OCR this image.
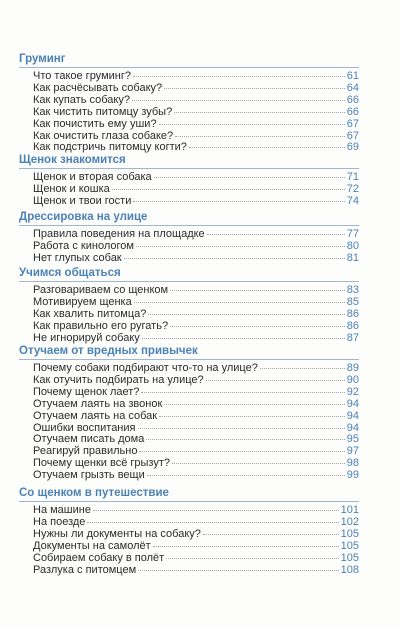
Груминг
Что такое груминг?	61
Как расчёсывать собаку?	64
Как купать собаку?	66
Как чистить питомцу зубы?	66
Как почистить ему уши?	67
Как очистить глаза собаке?	67
Как подстричь питомцу когти?	69
Щенок знакомится
Щенок и вторая собака	71
Щенок и кошка	72
Щенок и твои гости	74
Дрессировка на улице
Правила поведения на площадке	77
Работа с кинологом	80
Нет глупых собак	81
Учимся общаться
Разговариваем со щенком	83
Мотивируем щенка	85
Как хвалить питомца?	86
Как правильно его ругать?	86
Не игнорируй собаку	87
Отучаем от вредных привычек
Почему собаки подбирают что-то на улице?	89
Как отучить подбирать на улице?	90
Почему щенок лает?	92
Отучаем лаять на звонок	94
Отучаем лаять на собак	94
Ошибки воспитания	94
Отучаем писать дома	95
Реагируй правильно	97
Почему щенки всё грызут?	98
Отучаем грызть вещи	99
Со щенком в путешествие
На машине	101
На поезде	102
Нужны ли документы на собаку?	105
Документы на самолёт	105
Собираем собаку в полёт	105
Разлука с питомцем	108
